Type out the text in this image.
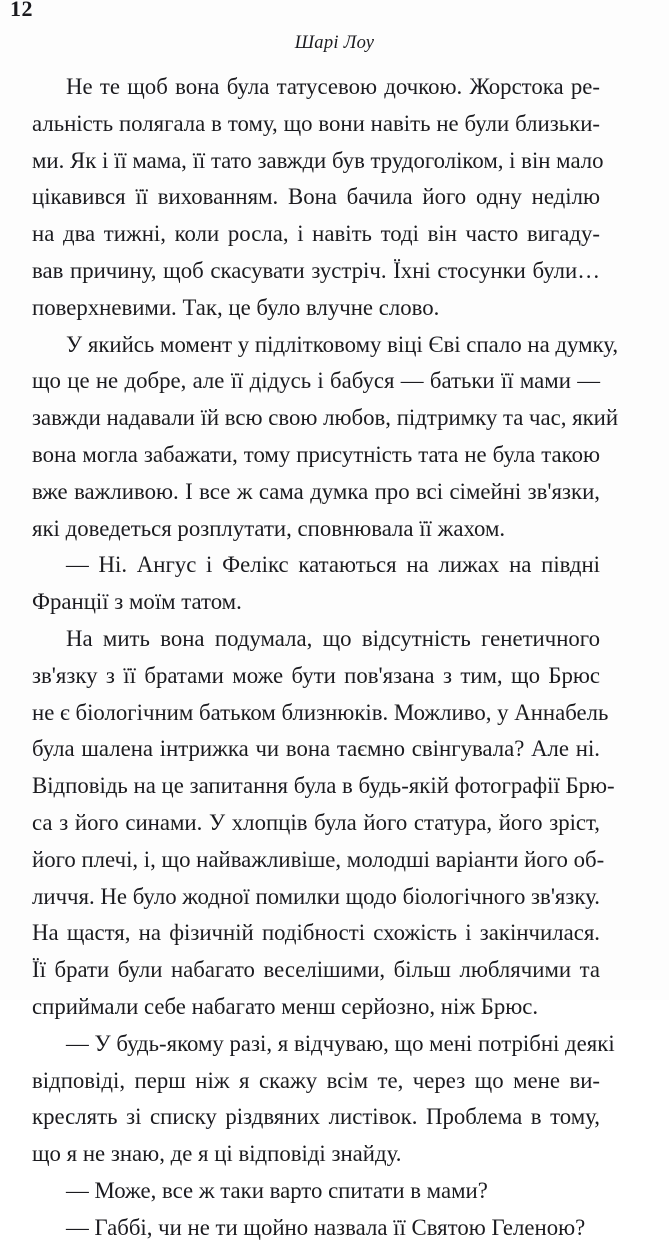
12
Шарі Лоу
Не те щоб вона була татусевою дочкою. Жорстока ре-
альність полягала в тому, що вони навіть не були близьки-
ми. Як і її мама, її тато завжди був трудоголіком, і він мало
цікавився її вихованням. Вона бачила його одну неділю
на два тижні, коли росла, і навіть тоді він часто вигаду-
вав причину, щоб скасувати зустріч. Їхні стосунки були…
поверхневими. Так, це було влучне слово.
У якийсь момент у підлітковому віці Єві спало на думку,
що це не добре, але її дідусь і бабуся — батьки її мами —
завжди надавали їй всю свою любов, підтримку та час, який
вона могла забажати, тому присутність тата не була такою
вже важливою. І все ж сама думка про всі сімейні зв'язки,
які доведеться розплутати, сповнювала її жахом.
— Ні. Ангус і Фелікс катаються на лижах на півдні
Франції з моїм татом.
На мить вона подумала, що відсутність генетичного
зв'язку з її братами може бути пов'язана з тим, що Брюс
не є біологічним батьком близнюків. Можливо, у Аннабель
була шалена інтрижка чи вона таємно свінгувала? Але ні.
Відповідь на це запитання була в будь-якій фотографії Брю-
са з його синами. У хлопців була його статура, його зріст,
його плечі, і, що найважливіше, молодші варіанти його об-
личчя. Не було жодної помилки щодо біологічного зв'язку.
На щастя, на фізичній подібності схожість і закінчилася.
Її брати були набагато веселішими, більш люблячими та
сприймали себе набагато менш серйозно, ніж Брюс.
— У будь-якому разі, я відчуваю, що мені потрібні деякі
відповіді, перш ніж я скажу всім те, через що мене ви-
креслять зі списку різдвяних листівок. Проблема в тому,
що я не знаю, де я ці відповіді знайду.
— Може, все ж таки варто спитати в мами?
— Габбі, чи не ти щойно назвала її Святою Геленою?
